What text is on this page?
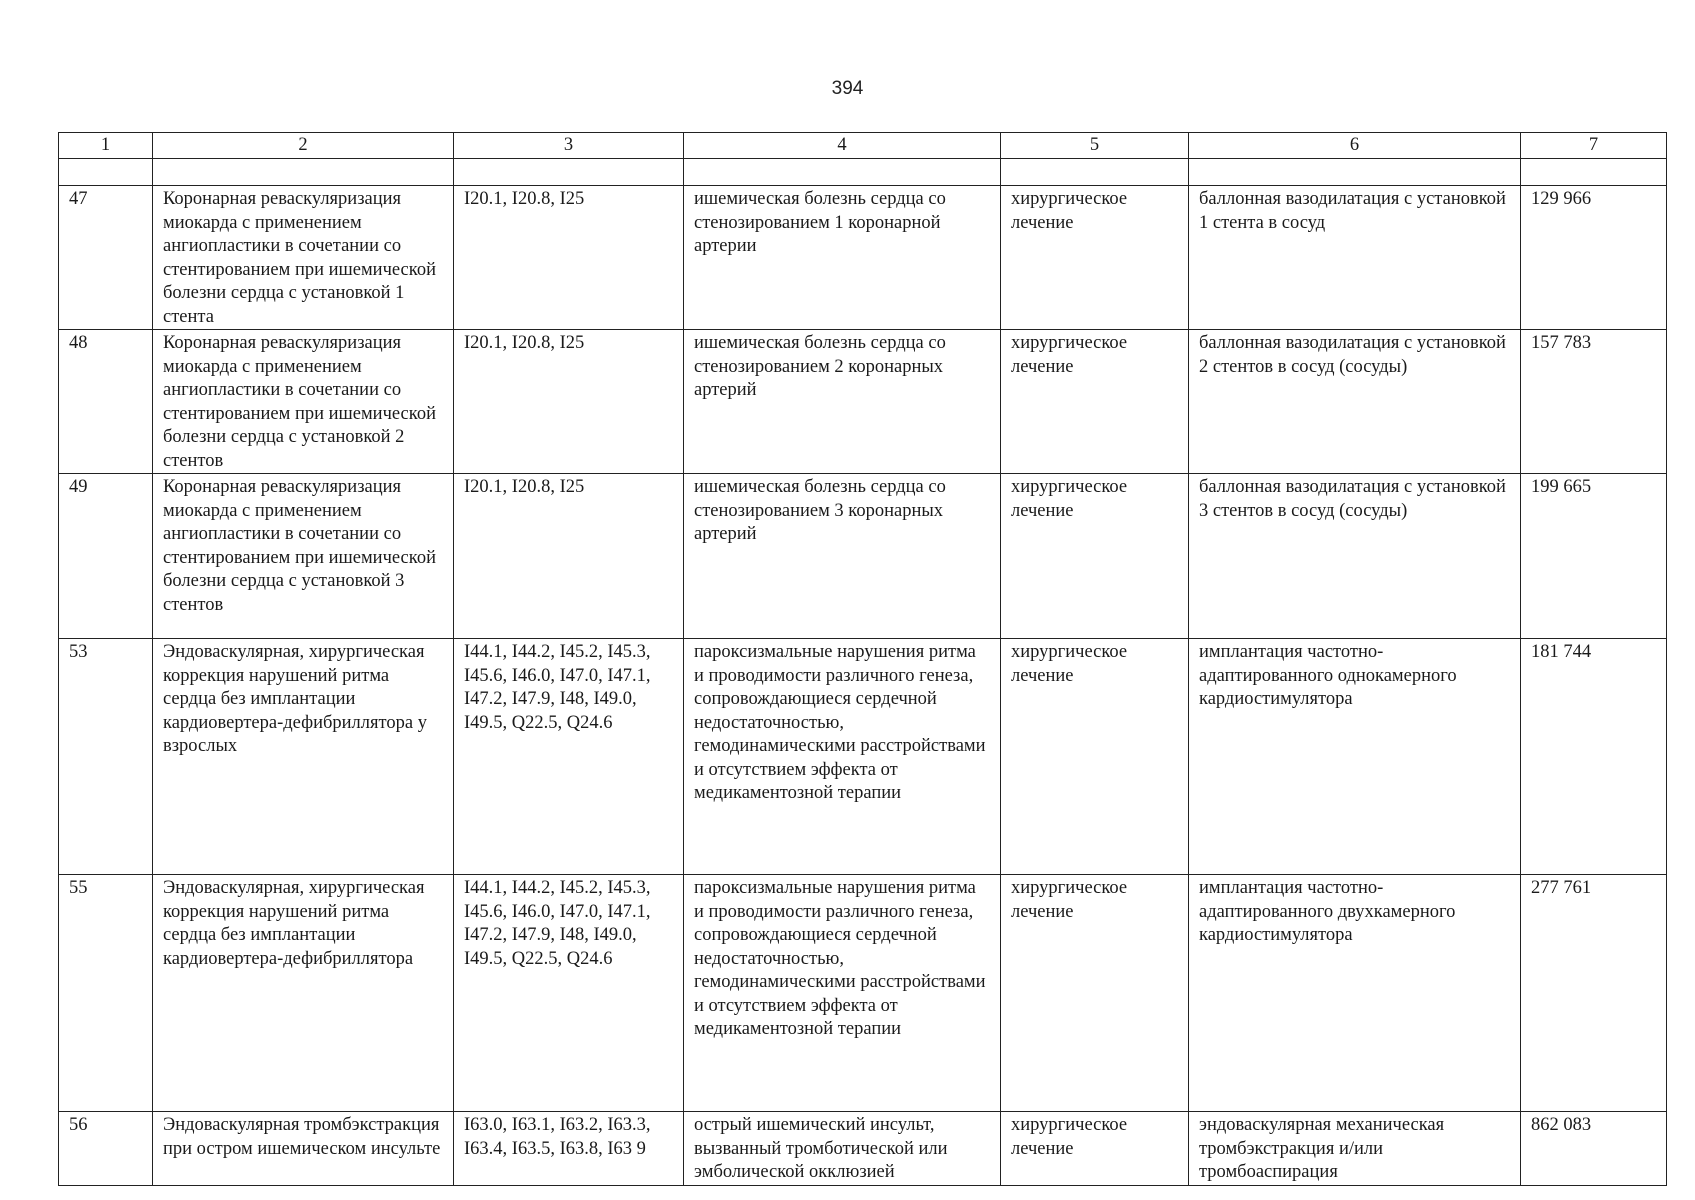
394
1	2	3	4	5	6	7

47	Коронарная реваскуляризация миокарда с применением ангиопластики в сочетании со стентированием при ишемической болезни сердца с установкой 1 стента	I20.1, I20.8, I25	ишемическая болезнь сердца со стенозированием 1 коронарной артерии	хирургическое лечение	баллонная вазодилатация с установкой 1 стента в сосуд	129 966
48	Коронарная реваскуляризация миокарда с применением ангиопластики в сочетании со стентированием при ишемической болезни сердца с установкой 2 стентов	I20.1, I20.8, I25	ишемическая болезнь сердца со стенозированием 2 коронарных артерий	хирургическое лечение	баллонная вазодилатация с установкой 2 стентов в сосуд (сосуды)	157 783
49	Коронарная реваскуляризация миокарда с применением ангиопластики в сочетании со стентированием при ишемической болезни сердца с установкой 3 стентов	I20.1, I20.8, I25	ишемическая болезнь сердца со стенозированием 3 коронарных артерий	хирургическое лечение	баллонная вазодилатация с установкой 3 стентов в сосуд (сосуды)	199 665
53	Эндоваскулярная, хирургическая коррекция нарушений ритма сердца без имплантации кардиовертера-дефибриллятора у взрослых	I44.1, I44.2, I45.2, I45.3, I45.6, I46.0, I47.0, I47.1, I47.2, I47.9, I48, I49.0, I49.5, Q22.5, Q24.6	пароксизмальные нарушения ритма и проводимости различного генеза, сопровождающиеся сердечной недостаточностью, гемодинамическими расстройствами и отсутствием эффекта от медикаментозной терапии	хирургическое лечение	имплантация частотно-адаптированного однокамерного кардиостимулятора	181 744
55	Эндоваскулярная, хирургическая коррекция нарушений ритма сердца без имплантации кардиовертера-дефибриллятора	I44.1, I44.2, I45.2, I45.3, I45.6, I46.0, I47.0, I47.1, I47.2, I47.9, I48, I49.0, I49.5, Q22.5, Q24.6	пароксизмальные нарушения ритма и проводимости различного генеза, сопровождающиеся сердечной недостаточностью, гемодинамическими расстройствами и отсутствием эффекта от медикаментозной терапии	хирургическое лечение	имплантация частотно-адаптированного двухкамерного кардиостимулятора	277 761
56	Эндоваскулярная тромбэкстракция при остром ишемическом инсульте	I63.0, I63.1, I63.2, I63.3, I63.4, I63.5, I63.8, I63 9	острый ишемический инсульт, вызванный тромботической или эмболической окклюзией	хирургическое лечение	эндоваскулярная механическая тромбэкстракция и/или тромбоаспирация	862 083
